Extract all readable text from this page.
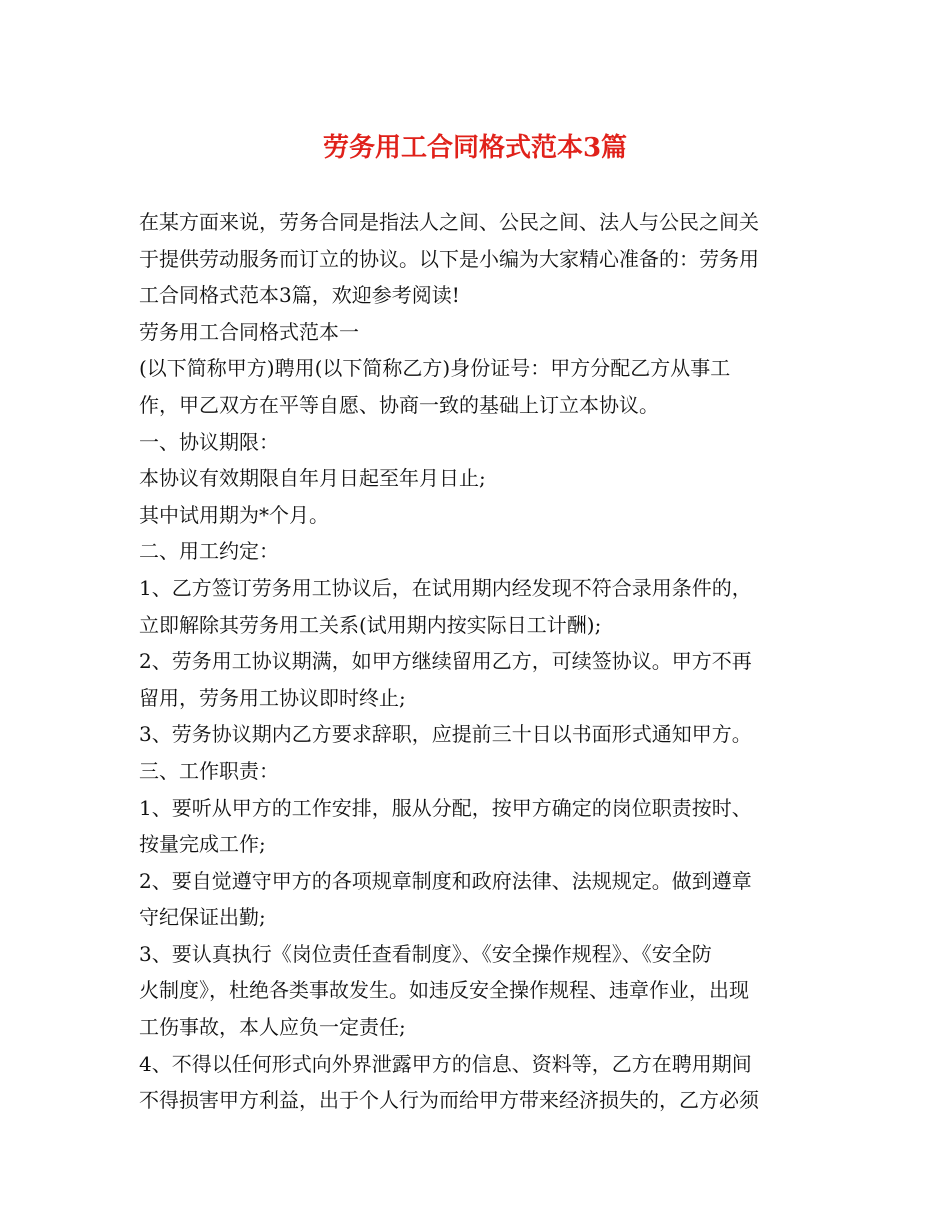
劳务用工合同格式范本3篇
在某方面来说，劳务合同是指法人之间、公民之间、法人与公民之间关
于提供劳动服务而订立的协议。以下是小编为大家精心准备的：劳务用
工合同格式范本3篇，欢迎参考阅读!
劳务用工合同格式范本一
(以下简称甲方)聘用(以下简称乙方)身份证号：甲方分配乙方从事工
作，甲乙双方在平等自愿、协商一致的基础上订立本协议。
一、协议期限：
本协议有效期限自年月日起至年月日止;
其中试用期为*个月。
二、用工约定：
1、乙方签订劳务用工协议后，在试用期内经发现不符合录用条件的，
立即解除其劳务用工关系(试用期内按实际日工计酬);
2、劳务用工协议期满，如甲方继续留用乙方，可续签协议。甲方不再
留用，劳务用工协议即时终止;
3、劳务协议期内乙方要求辞职，应提前三十日以书面形式通知甲方。
三、工作职责：
1、要听从甲方的工作安排，服从分配，按甲方确定的岗位职责按时、
按量完成工作;
2、要自觉遵守甲方的各项规章制度和政府法律、法规规定。做到遵章
守纪保证出勤;
3、要认真执行《岗位责任查看制度》、《安全操作规程》、《安全防
火制度》，杜绝各类事故发生。如违反安全操作规程、违章作业，出现
工伤事故，本人应负一定责任;
4、不得以任何形式向外界泄露甲方的信息、资料等，乙方在聘用期间
不得损害甲方利益，出于个人行为而给甲方带来经济损失的，乙方必须
